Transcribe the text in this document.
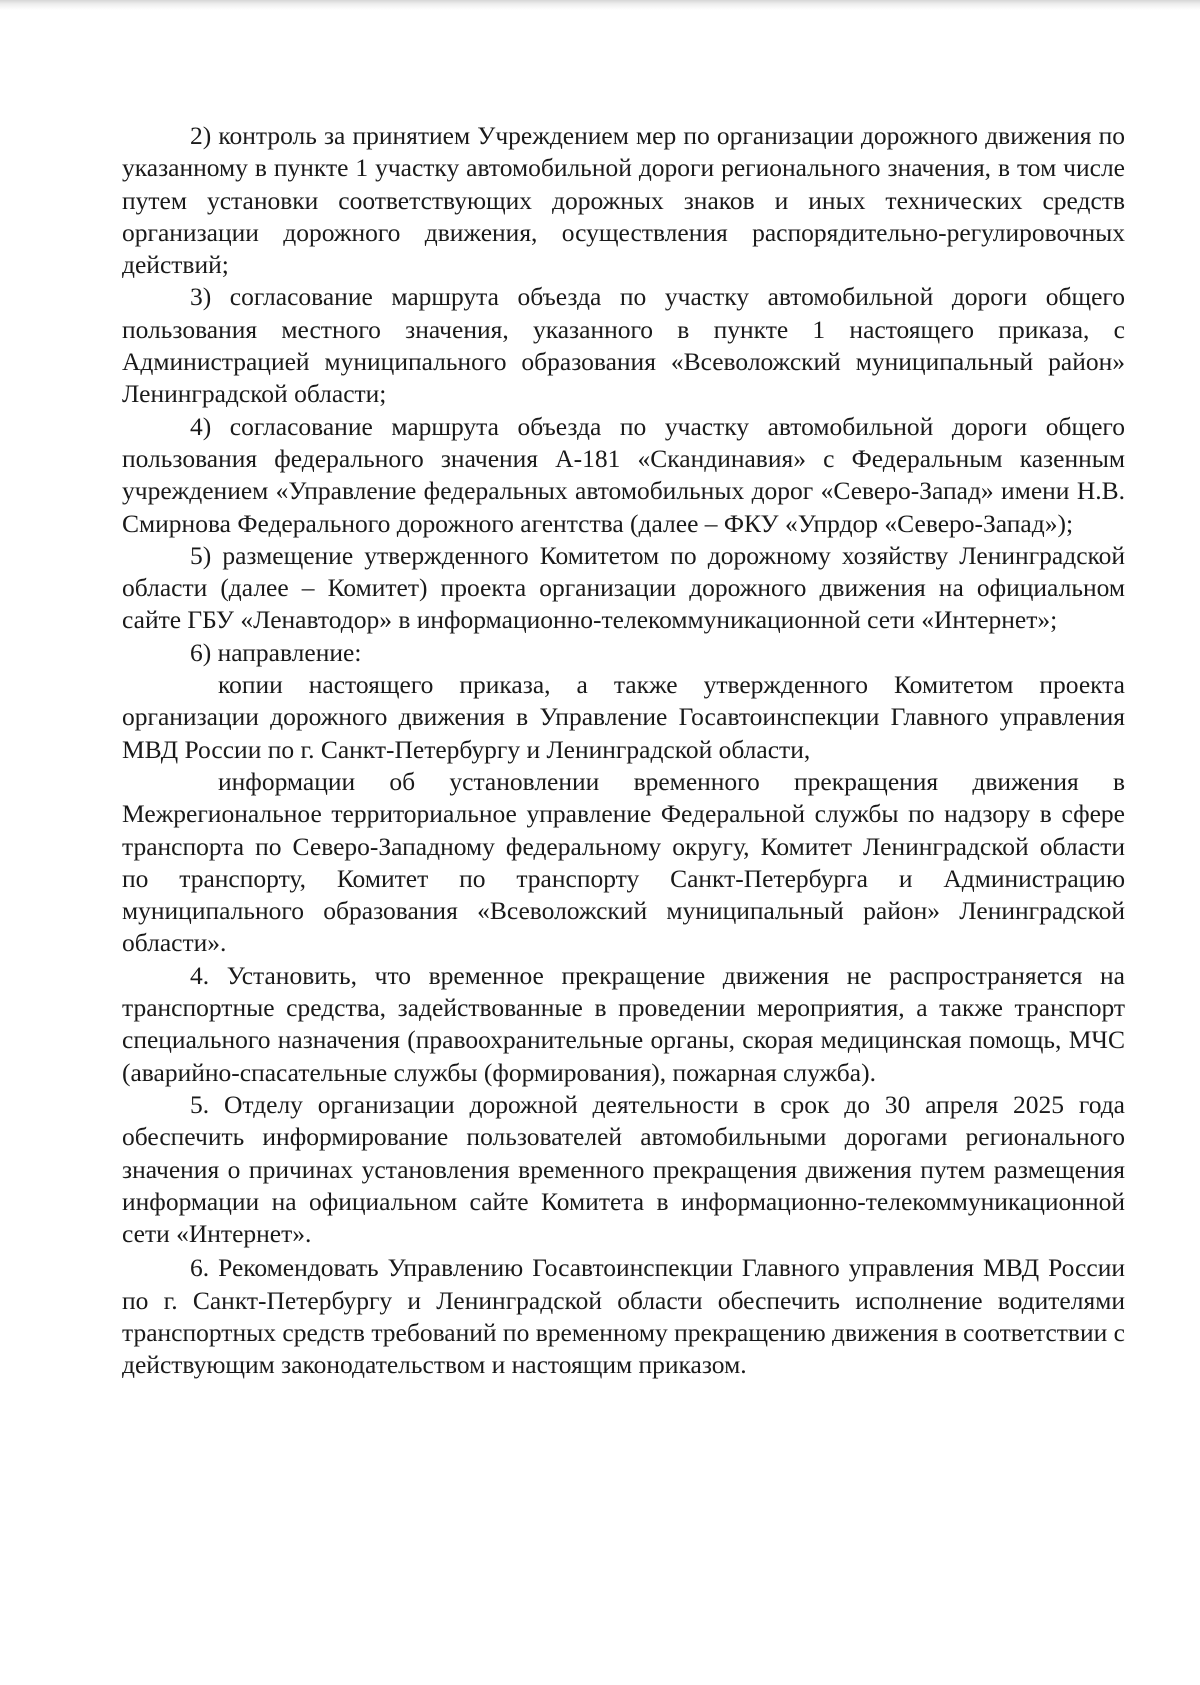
2) контроль за принятием Учреждением мер по организации дорожного движения по указанному в пункте 1 участку автомобильной дороги регионального значения, в том числе путем установки соответствующих дорожных знаков и иных технических средств организации дорожного движения, осуществления распорядительно-регулировочных действий;

3) согласование маршрута объезда по участку автомобильной дороги общего пользования местного значения, указанного в пункте 1 настоящего приказа, с Администрацией муниципального образования «Всеволожский муниципальный район» Ленинградской области;

4) согласование маршрута объезда по участку автомобильной дороги общего пользования федерального значения А-181 «Скандинавия» с Федеральным казенным учреждением «Управление федеральных автомобильных дорог «Северо-Запад» имени Н.В. Смирнова Федерального дорожного агентства (далее – ФКУ «Упрдор «Северо-Запад»);

5) размещение утвержденного Комитетом по дорожному хозяйству Ленинградской области (далее – Комитет) проекта организации дорожного движения на официальном сайте ГБУ «Ленавтодор» в информационно-телекоммуникационной сети «Интернет»;

6) направление:

копии настоящего приказа, а также утвержденного Комитетом проекта организации дорожного движения в Управление Госавтоинспекции Главного управления МВД России по г. Санкт-Петербургу и Ленинградской области,

информации об установлении временного прекращения движения в Межрегиональное территориальное управление Федеральной службы по надзору в сфере транспорта по Северо-Западному федеральному округу, Комитет Ленинградской области по транспорту, Комитет по транспорту Санкт-Петербурга и Администрацию муниципального образования «Всеволожский муниципальный район» Ленинградской области».

4. Установить, что временное прекращение движения не распространяется на транспортные средства, задействованные в проведении мероприятия, а также транспорт специального назначения (правоохранительные органы, скорая медицинская помощь, МЧС (аварийно-спасательные службы (формирования), пожарная служба).

5. Отделу организации дорожной деятельности в срок до 30 апреля 2025 года обеспечить информирование пользователей автомобильными дорогами регионального значения о причинах установления временного прекращения движения путем размещения информации на официальном сайте Комитета в информационно-телекоммуникационной сети «Интернет».

6. Рекомендовать Управлению Госавтоинспекции Главного управления МВД России по г. Санкт-Петербургу и Ленинградской области обеспечить исполнение водителями транспортных средств требований по временному прекращению движения в соответствии с действующим законодательством и настоящим приказом.
